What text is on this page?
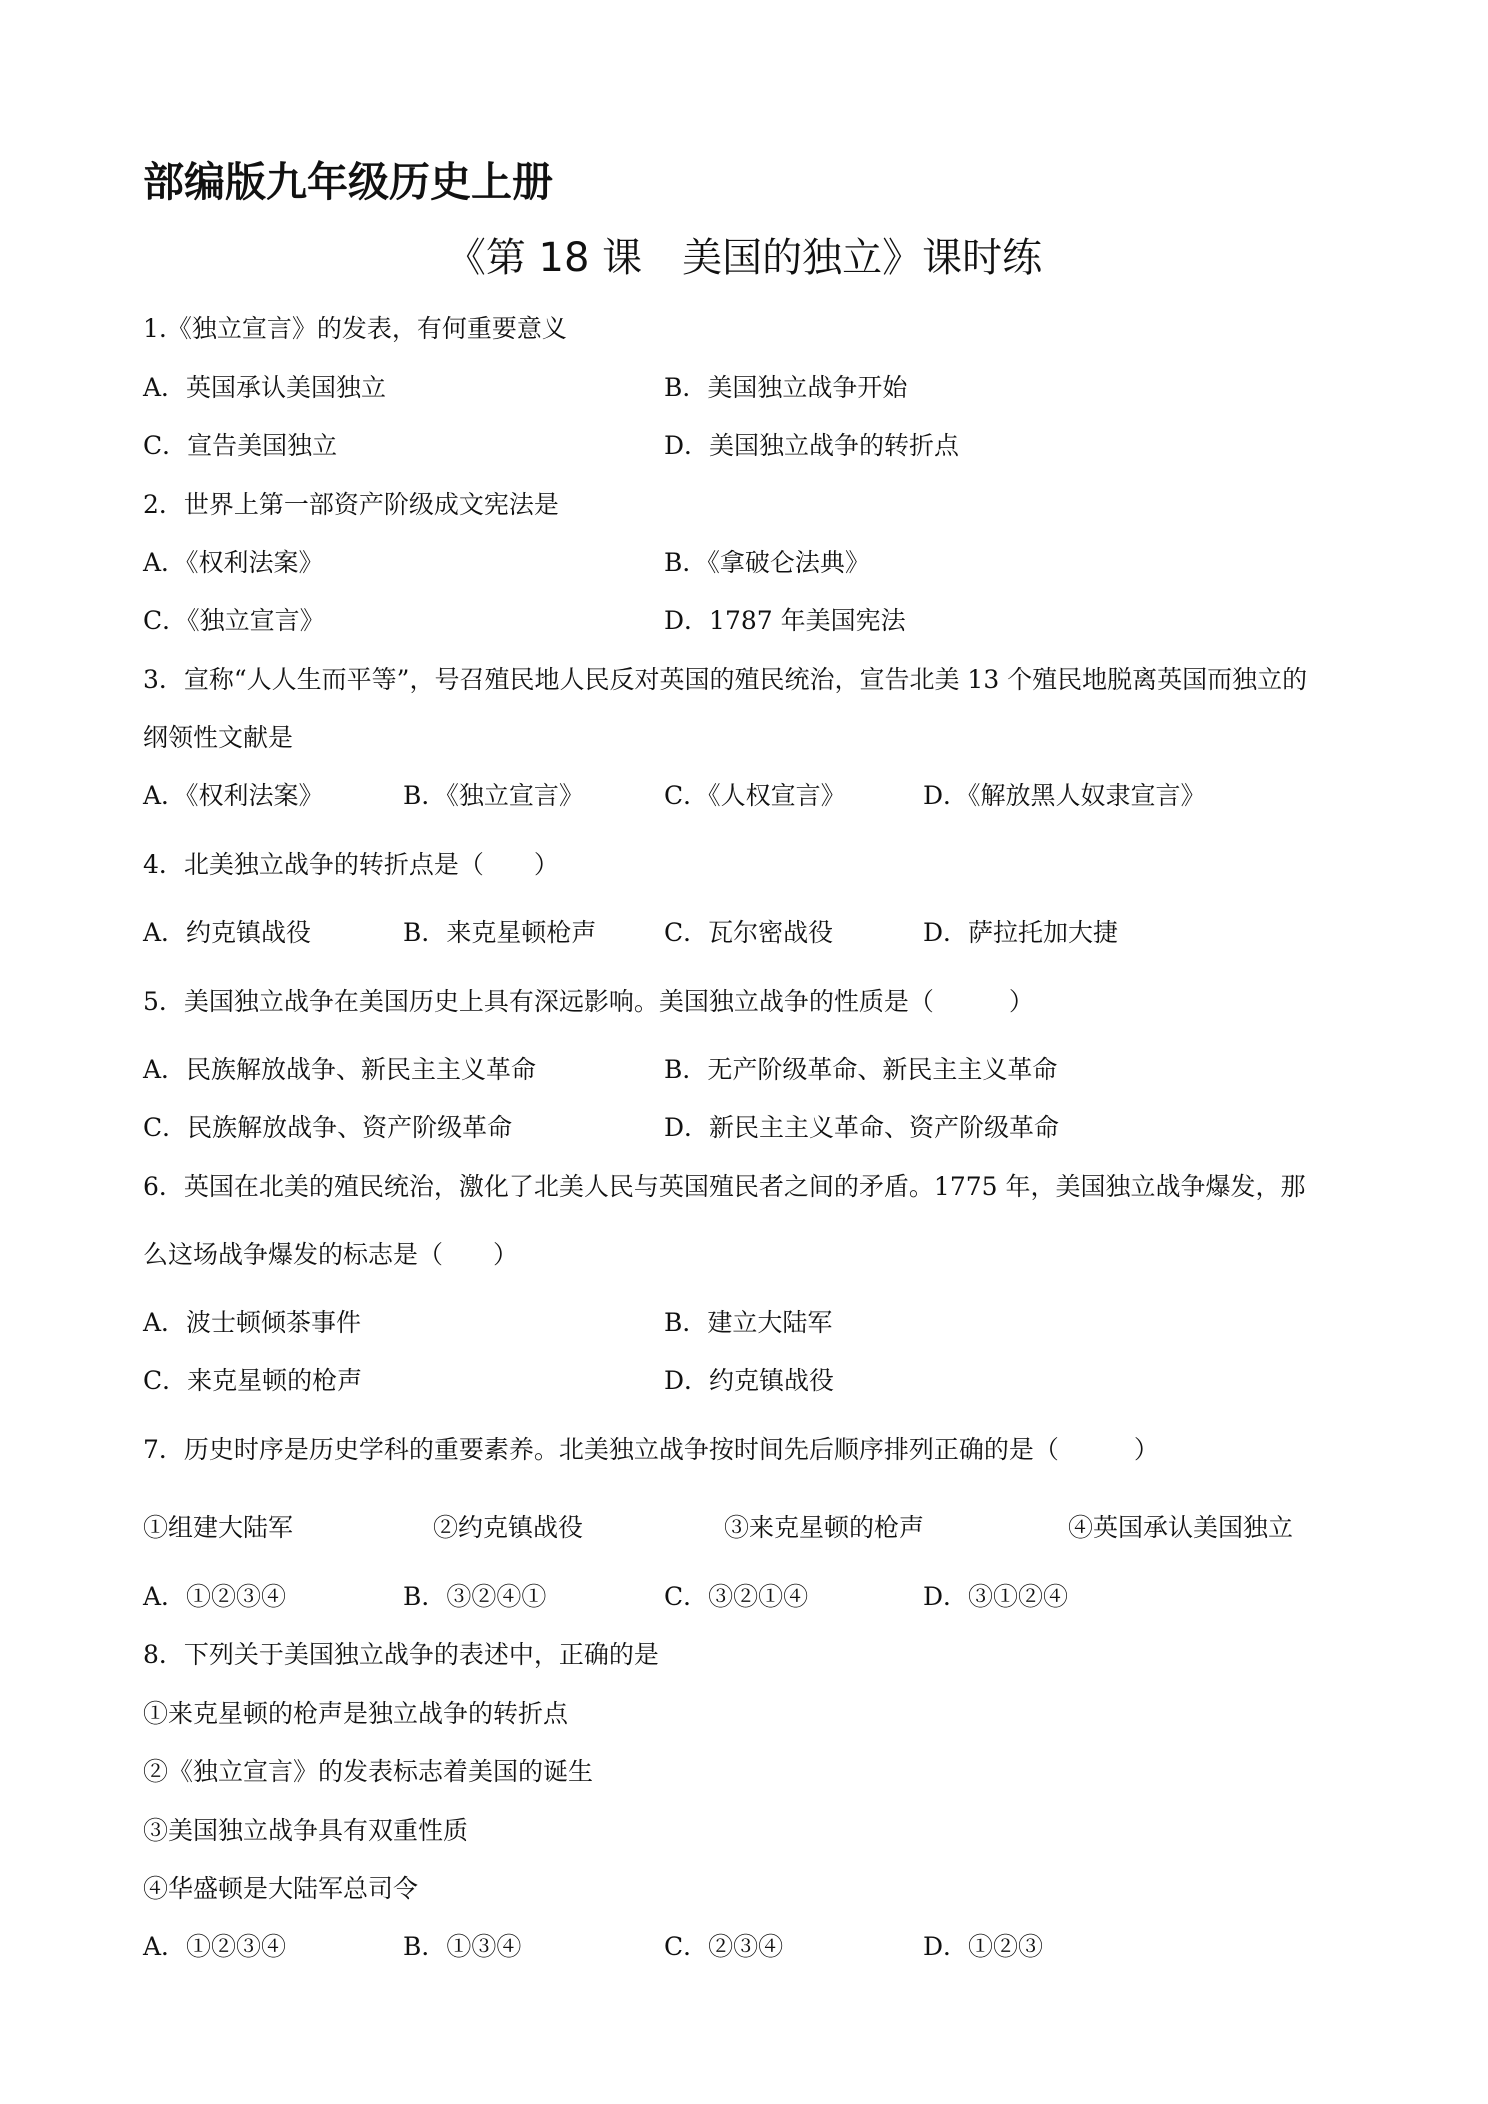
部编版九年级历史上册
《第 18 课　美国的独立》课时练
1.《独立宣言》的发表，有何重要意义
A．英国承认美国独立	B．美国独立战争开始
C．宣告美国独立	D．美国独立战争的转折点
2．世界上第一部资产阶级成文宪法是
A．《权利法案》	B．《拿破仑法典》
C．《独立宣言》	D．1787 年美国宪法
3．宣称“人人生而平等”，号召殖民地人民反对英国的殖民统治，宣告北美 13 个殖民地脱离英国而独立的
纲领性文献是
A．《权利法案》	B．《独立宣言》	C．《人权宣言》	D．《解放黑人奴隶宣言》
4．北美独立战争的转折点是（　　）
A．约克镇战役	B．来克星顿枪声	C．瓦尔密战役	D．萨拉托加大捷
5．美国独立战争在美国历史上具有深远影响。美国独立战争的性质是（　　　）
A．民族解放战争、新民主主义革命	B．无产阶级革命、新民主主义革命
C．民族解放战争、资产阶级革命	D．新民主主义革命、资产阶级革命
6．英国在北美的殖民统治，激化了北美人民与英国殖民者之间的矛盾。1775 年，美国独立战争爆发，那
么这场战争爆发的标志是（　　）
A．波士顿倾茶事件	B．建立大陆军
C．来克星顿的枪声	D．约克镇战役
7．历史时序是历史学科的重要素养。北美独立战争按时间先后顺序排列正确的是（　　　）
①组建大陆军	②约克镇战役	③来克星顿的枪声	④英国承认美国独立
A．①②③④	B．③②④①	C．③②①④	D．③①②④
8．下列关于美国独立战争的表述中，正确的是
①来克星顿的枪声是独立战争的转折点
②《独立宣言》的发表标志着美国的诞生
③美国独立战争具有双重性质
④华盛顿是大陆军总司令
A．①②③④	B．①③④	C．②③④	D．①②③
